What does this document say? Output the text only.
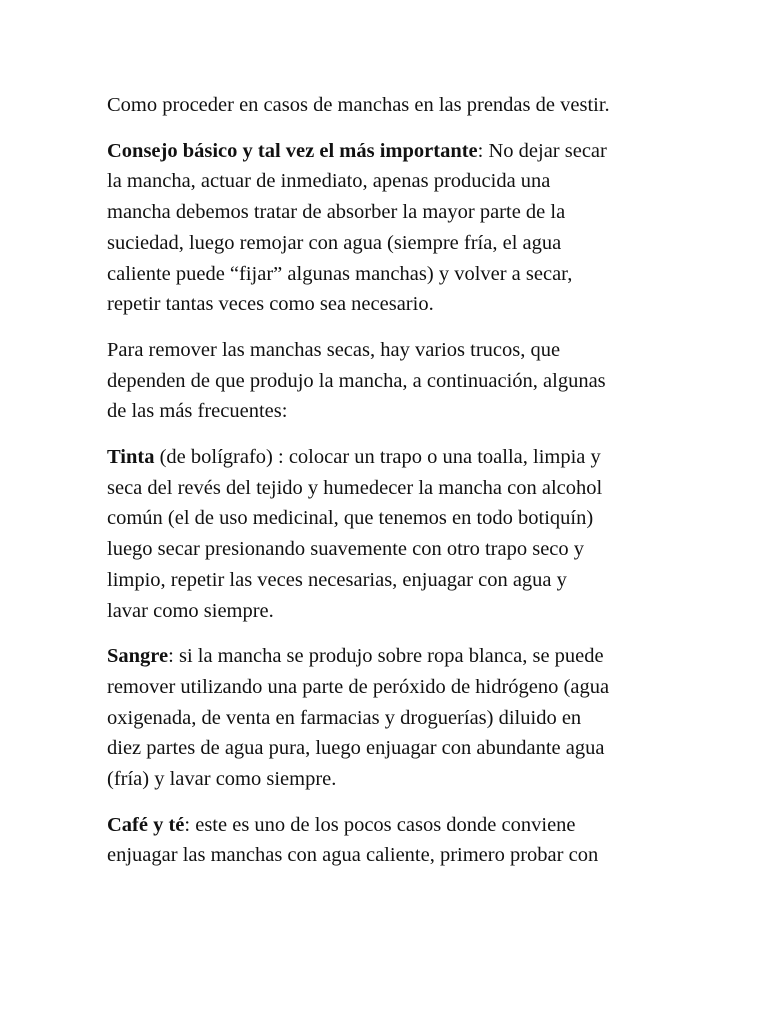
Como proceder en casos de manchas en las prendas de vestir.

Consejo básico y tal vez el más importante: No dejar secar
la mancha, actuar de inmediato, apenas producida una
mancha debemos tratar de absorber la mayor parte de la
suciedad, luego remojar con agua (siempre fría, el agua
caliente puede “fijar” algunas manchas) y volver a secar,
repetir tantas veces como sea necesario.

Para remover las manchas secas, hay varios trucos, que
dependen de que produjo la mancha, a continuación, algunas
de las más frecuentes:

Tinta (de bolígrafo) : colocar un trapo o una toalla, limpia y
seca del revés del tejido y humedecer la mancha con alcohol
común (el de uso medicinal, que tenemos en todo botiquín)
luego secar presionando suavemente con otro trapo seco y
limpio, repetir las veces necesarias, enjuagar con agua y
lavar como siempre.

Sangre: si la mancha se produjo sobre ropa blanca, se puede
remover utilizando una parte de peróxido de hidrógeno (agua
oxigenada, de venta en farmacias y droguerías) diluido en
diez partes de agua pura, luego enjuagar con abundante agua
(fría) y lavar como siempre.

Café y té: este es uno de los pocos casos donde conviene
enjuagar las manchas con agua caliente, primero probar con
